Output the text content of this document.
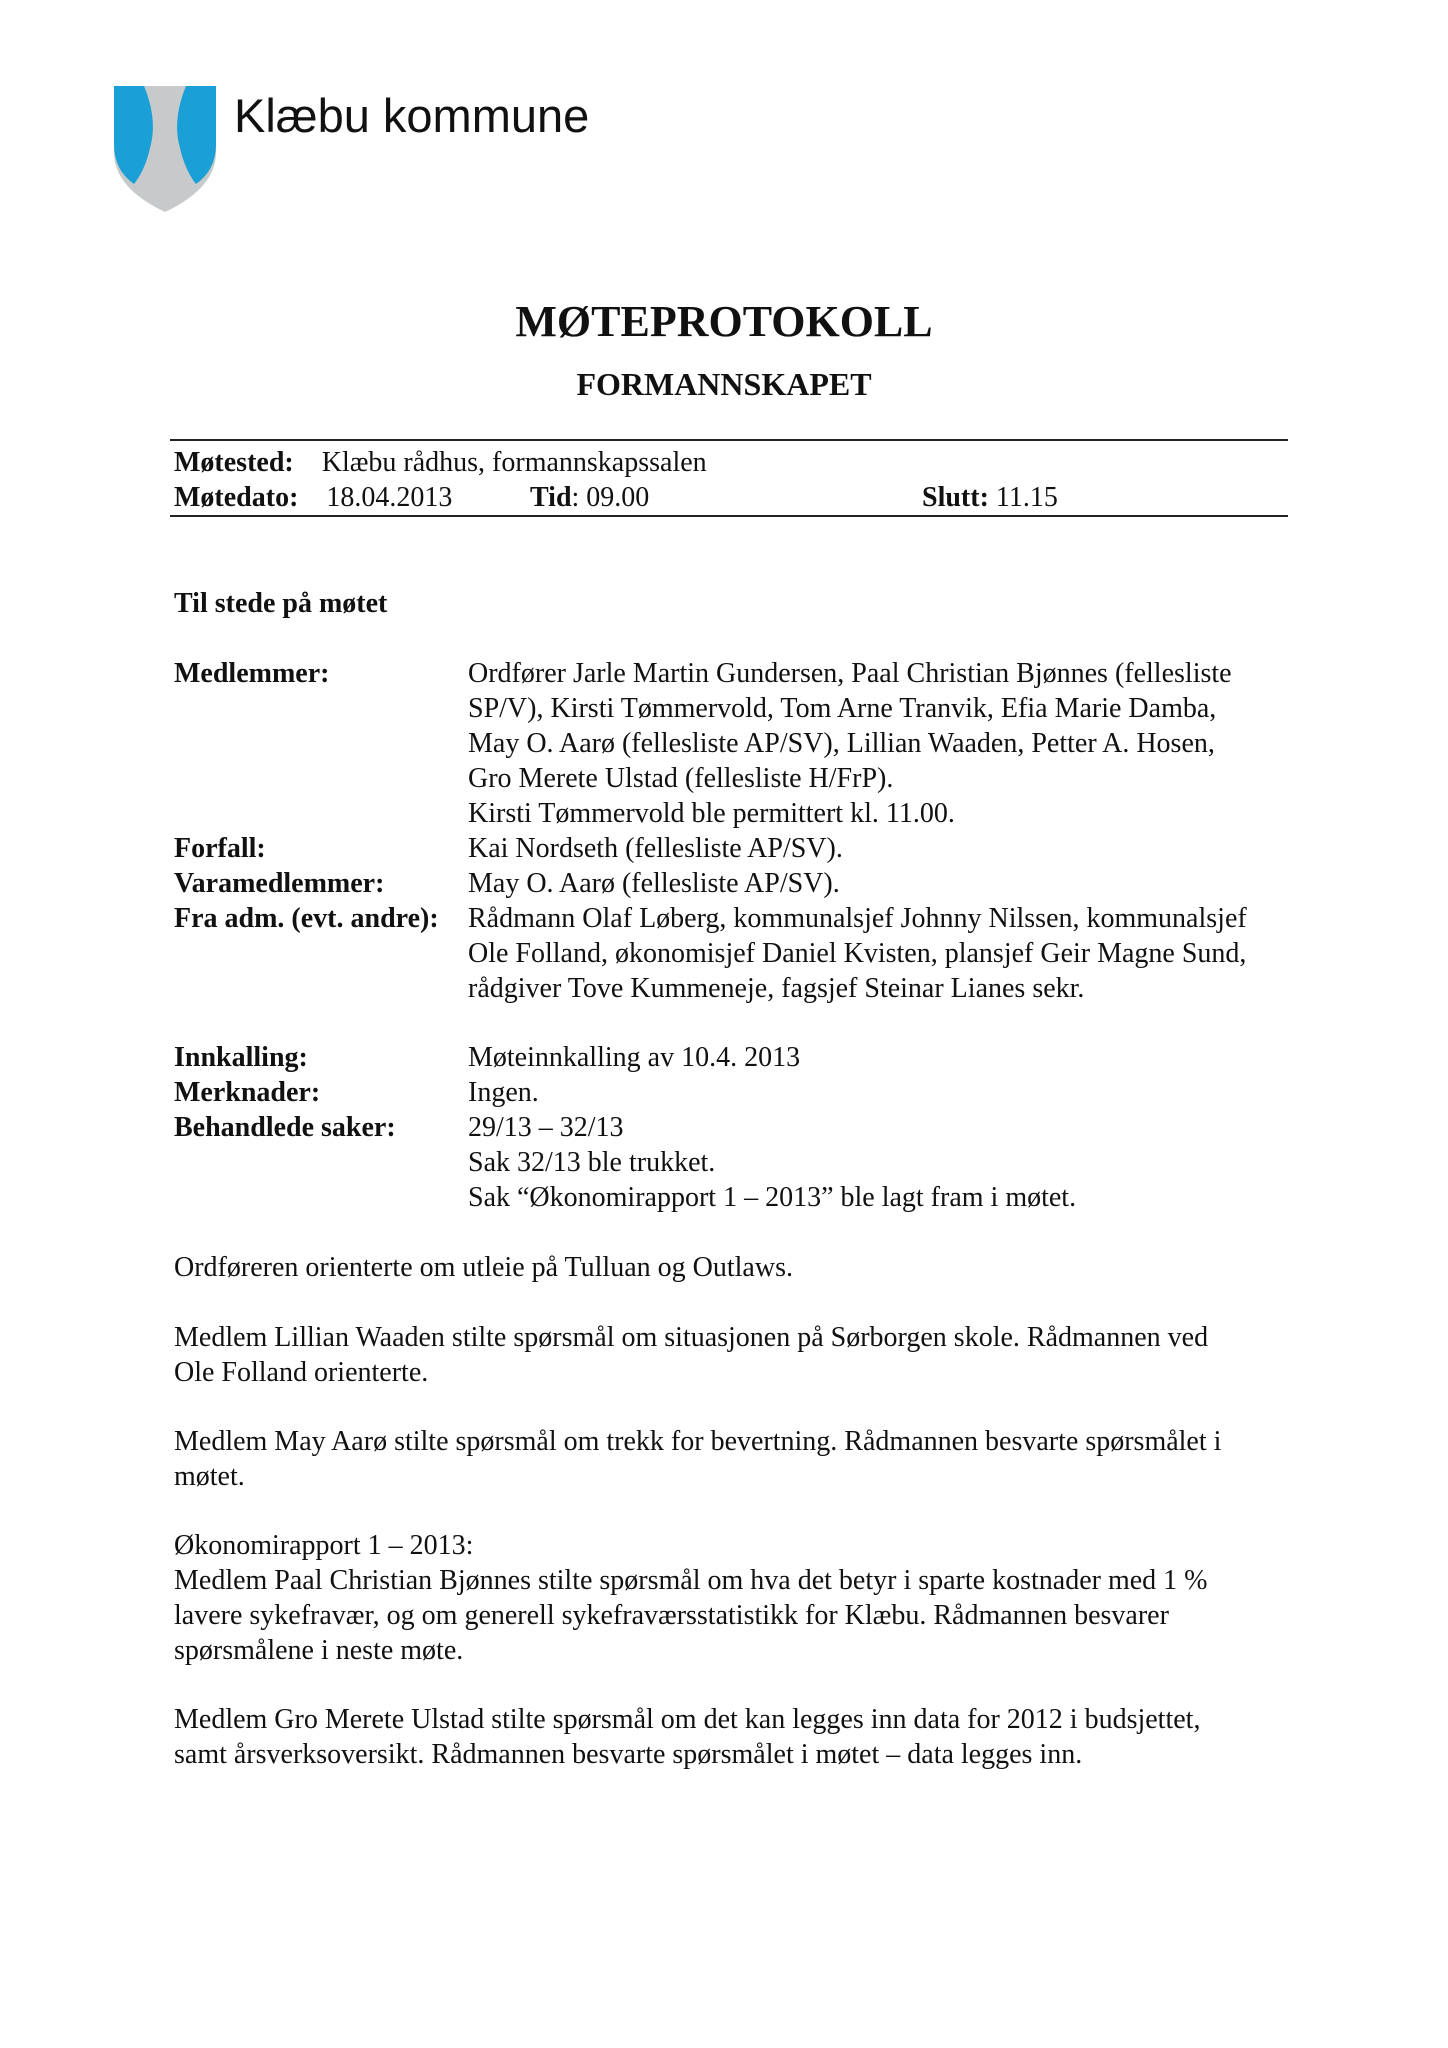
Klæbu kommune
MØTEPROTOKOLL
FORMANNSKAPET
Møtested: Klæbu rådhus, formannskapssalen
Møtedato: 18.04.2013	Tid: 09.00	Slutt: 11.15
Til stede på møtet
Medlemmer:	Ordfører Jarle Martin Gundersen, Paal Christian Bjønnes (fellesliste
SP/V), Kirsti Tømmervold, Tom Arne Tranvik, Efia Marie Damba,
May O. Aarø (fellesliste AP/SV), Lillian Waaden, Petter A. Hosen,
Gro Merete Ulstad (fellesliste H/FrP).
Kirsti Tømmervold ble permittert kl. 11.00.
Forfall:	Kai Nordseth (fellesliste AP/SV).
Varamedlemmer:	May O. Aarø (fellesliste AP/SV).
Fra adm. (evt. andre):	Rådmann Olaf Løberg, kommunalsjef Johnny Nilssen, kommunalsjef
Ole Folland, økonomisjef Daniel Kvisten, plansjef Geir Magne Sund,
rådgiver Tove Kummeneje, fagsjef Steinar Lianes sekr.
Innkalling:	Møteinnkalling av 10.4. 2013
Merknader:	Ingen.
Behandlede saker:	29/13 – 32/13
Sak 32/13 ble trukket.
Sak “Økonomirapport 1 – 2013” ble lagt fram i møtet.
Ordføreren orienterte om utleie på Tulluan og Outlaws.
Medlem Lillian Waaden stilte spørsmål om situasjonen på Sørborgen skole. Rådmannen ved
Ole Folland orienterte.
Medlem May Aarø stilte spørsmål om trekk for bevertning. Rådmannen besvarte spørsmålet i
møtet.
Økonomirapport 1 – 2013:
Medlem Paal Christian Bjønnes stilte spørsmål om hva det betyr i sparte kostnader med 1 %
lavere sykefravær, og om generell sykefraværsstatistikk for Klæbu. Rådmannen besvarer
spørsmålene i neste møte.
Medlem Gro Merete Ulstad stilte spørsmål om det kan legges inn data for 2012 i budsjettet,
samt årsverksoversikt. Rådmannen besvarte spørsmålet i møtet – data legges inn.
